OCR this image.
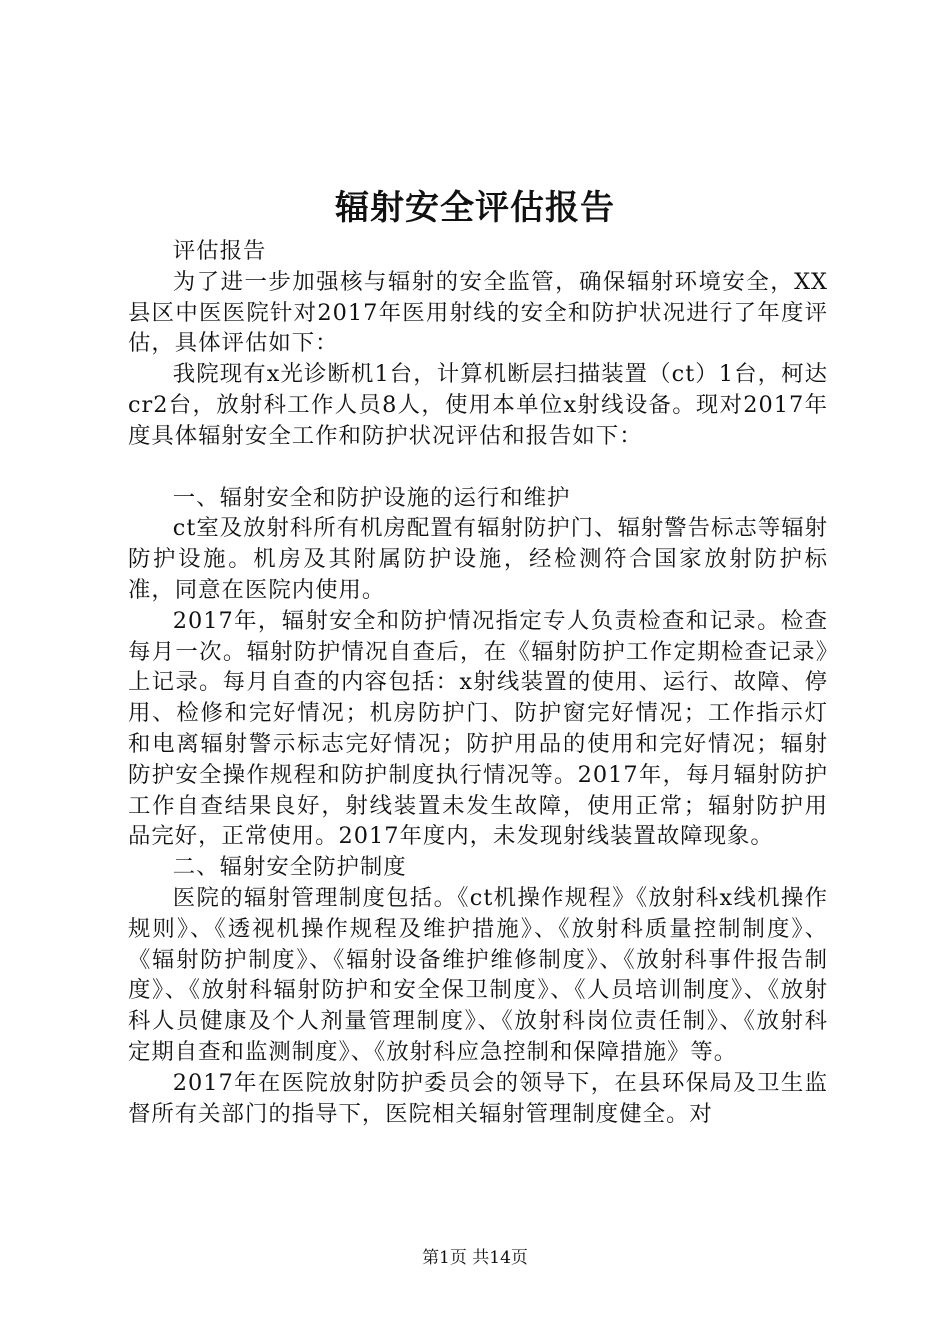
辐射安全评估报告

评估报告

为了进一步加强核与辐射的安全监管，确保辐射环境安全，XX县区中医医院针对2017年医用射线的安全和防护状况进行了年度评估，具体评估如下：

我院现有x光诊断机1台，计算机断层扫描装置（ct）1台，柯达cr2台，放射科工作人员8人，使用本单位x射线设备。现对2017年度具体辐射安全工作和防护状况评估和报告如下：

一、辐射安全和防护设施的运行和维护

ct室及放射科所有机房配置有辐射防护门、辐射警告标志等辐射防护设施。机房及其附属防护设施，经检测符合国家放射防护标准，同意在医院内使用。

2017年，辐射安全和防护情况指定专人负责检查和记录。检查每月一次。辐射防护情况自查后，在《辐射防护工作定期检查记录》上记录。每月自查的内容包括：x射线装置的使用、运行、故障、停用、检修和完好情况；机房防护门、防护窗完好情况；工作指示灯和电离辐射警示标志完好情况；防护用品的使用和完好情况；辐射防护安全操作规程和防护制度执行情况等。2017年，每月辐射防护工作自查结果良好，射线装置未发生故障，使用正常；辐射防护用品完好，正常使用。2017年度内，未发现射线装置故障现象。

二、辐射安全防护制度

医院的辐射管理制度包括。《ct机操作规程》《放射科x线机操作规则》、《透视机操作规程及维护措施》、《放射科质量控制制度》、《辐射防护制度》、《辐射设备维护维修制度》、《放射科事件报告制度》、《放射科辐射防护和安全保卫制度》、《人员培训制度》、《放射科人员健康及个人剂量管理制度》、《放射科岗位责任制》、《放射科定期自查和监测制度》、《放射科应急控制和保障措施》等。

2017年在医院放射防护委员会的领导下，在县环保局及卫生监督所有关部门的指导下，医院相关辐射管理制度健全。对

第1页 共14页
